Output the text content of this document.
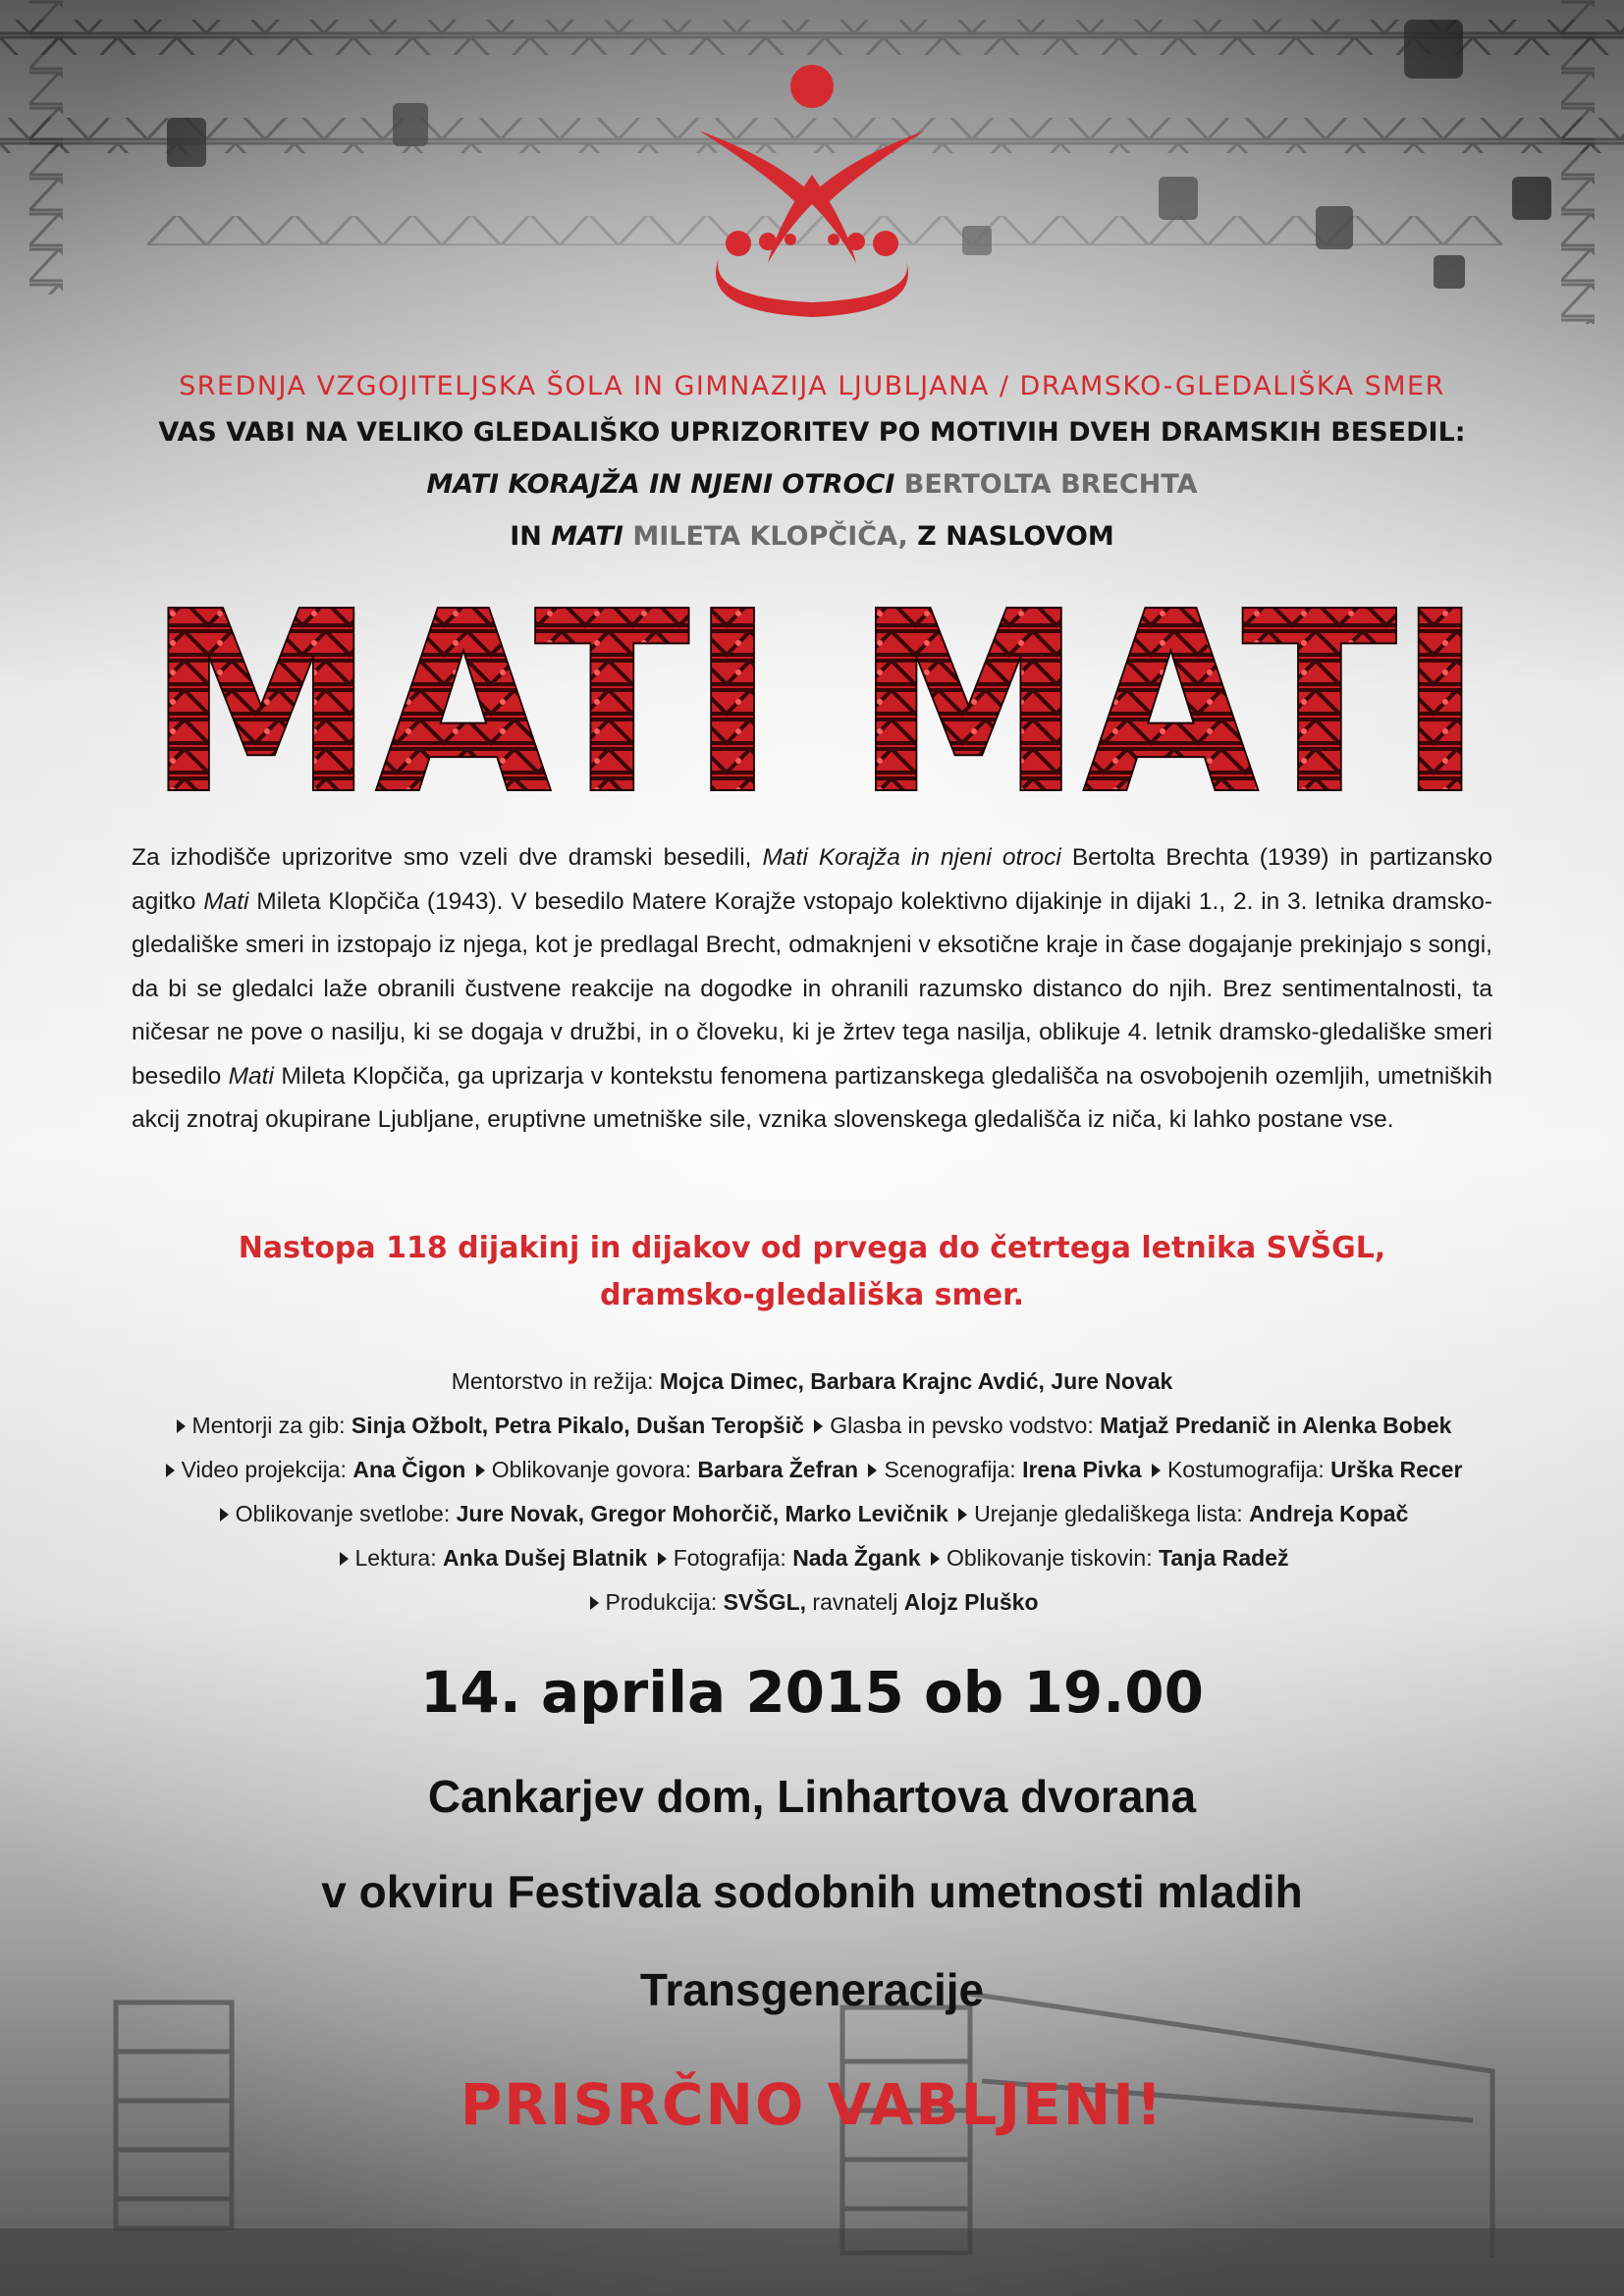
SREDNJA VZGOJITELJSKA ŠOLA IN GIMNAZIJA LJUBLJANA / DRAMSKO-GLEDALIŠKA SMER
VAS VABI NA VELIKO GLEDALIŠKO UPRIZORITEV PO MOTIVIH DVEH DRAMSKIH BESEDIL:
MATI KORAJŽA IN NJENI OTROCI BERTOLTA BRECHTA
IN MATI MILETA KLOPČIČA, Z NASLOVOM
MATI MATI
Za izhodišče uprizoritve smo vzeli dve dramski besedili, Mati Korajža in njeni otroci Bertolta Brechta (1939) in partizansko agitko Mati Mileta Klopčiča (1943). V besedilo Matere Korajže vstopajo kolektivno dijakinje in dijaki 1., 2. in 3. letnika dramsko-gledališke smeri in izstopajo iz njega, kot je predlagal Brecht, odmaknjeni v eksotične kraje in čase dogajanje prekinjajo s songi, da bi se gledalci laže obranili čustvene reakcije na dogodke in ohranili razumsko distanco do njih. Brez sentimentalnosti, ta ničesar ne pove o nasilju, ki se dogaja v družbi, in o človeku, ki je žrtev tega nasilja, oblikuje 4. letnik dramsko-gledališke smeri besedilo Mati Mileta Klopčiča, ga uprizarja v kontekstu fenomena partizanskega gledališča na osvobojenih ozemljih, umetniških akcij znotraj okupirane Ljubljane, eruptivne umetniške sile, vznika slovenskega gledališča iz niča, ki lahko postane vse.
Nastopa 118 dijakinj in dijakov od prvega do četrtega letnika SVŠGL,
dramsko-gledališka smer.
Mentorstvo in režija: Mojca Dimec, Barbara Krajnc Avdić, Jure Novak
Mentorji za gib: Sinja Ožbolt, Petra Pikalo, Dušan Teropšič Glasba in pevsko vodstvo: Matjaž Predanič in Alenka Bobek
Video projekcija: Ana Čigon Oblikovanje govora: Barbara Žefran Scenografija: Irena Pivka Kostumografija: Urška Recer
Oblikovanje svetlobe: Jure Novak, Gregor Mohorčič, Marko Levičnik Urejanje gledališkega lista: Andreja Kopač
Lektura: Anka Dušej Blatnik Fotografija: Nada Žgank Oblikovanje tiskovin: Tanja Radež
Produkcija: SVŠGL, ravnatelj Alojz Pluško
14. aprila 2015 ob 19.00
Cankarjev dom, Linhartova dvorana
v okviru Festivala sodobnih umetnosti mladih
Transgeneracije
PRISRČNO VABLJENI!
